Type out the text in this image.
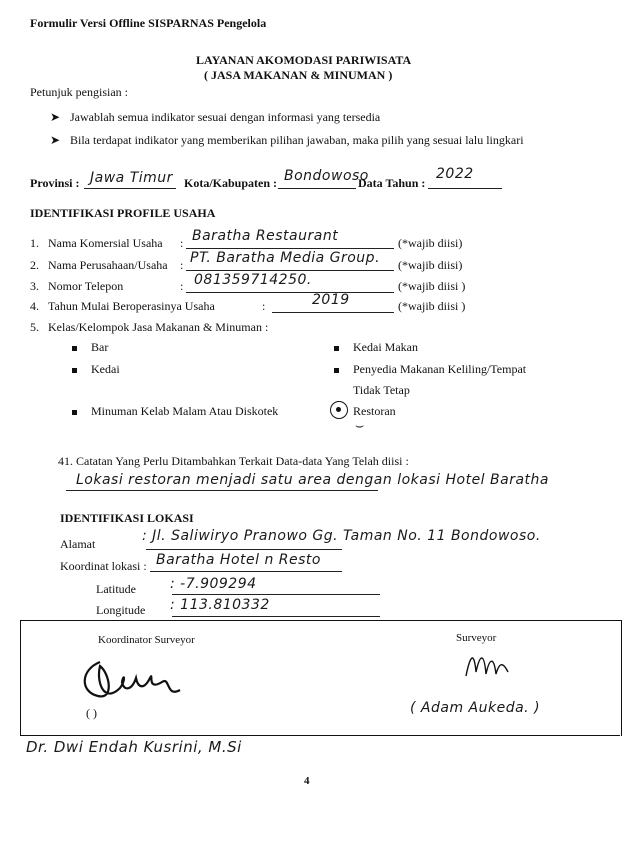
Formulir Versi Offline SISPARNAS Pengelola
LAYANAN AKOMODASI PARIWISATA
( JASA MAKANAN & MINUMAN )
Petunjuk pengisian :
➤ Jawablah semua indikator sesuai dengan informasi yang tersedia
➤ Bila terdapat indikator yang memberikan pilihan jawaban, maka pilih yang sesuai lalu lingkari
Provinsi : Jawa Timur Kota/Kabupaten : Bondowoso
Data Tahun :
2022
IDENTIFIKASI PROFILE USAHA
1. Nama Komersial Usaha : Baratha Restaurant	(*wajib diisi)
2. Nama Perusahaan/Usaha : PT. Baratha Media Group. (*wajib diisi)
3. Nomor Telepon	: 081359714250.	(*wajib diisi )
4. Tahun Mulai Beroperasinya Usaha	:	2019	(*wajib diisi )
5. Kelas/Kelompok Jasa Makanan & Minuman :
Bar
Kedai
Minuman Kelab Malam Atau Diskotek
Kedai Makan
Penyedia Makanan Keliling/Tempat
Tidak Tetap
Restoran
⌣
41. Catatan Yang Perlu Ditambahkan Terkait Data-data Yang Telah diisi :
Lokasi restoran menjadi satu area dengan lokasi Hotel Baratha
IDENTIFIKASI LOKASI
Alamat	: Jl. Saliwiryo Pranowo Gg. Taman No. 11 Bondowoso.
Koordinat lokasi : Baratha Hotel n Resto
Latitude : -7.909294
Longitude : 113.810332
Koordinator Surveyor	Surveyor
( )	( Adam Aukeda. )
Dr. Dwi Endah Kusrini, M.Si
4
